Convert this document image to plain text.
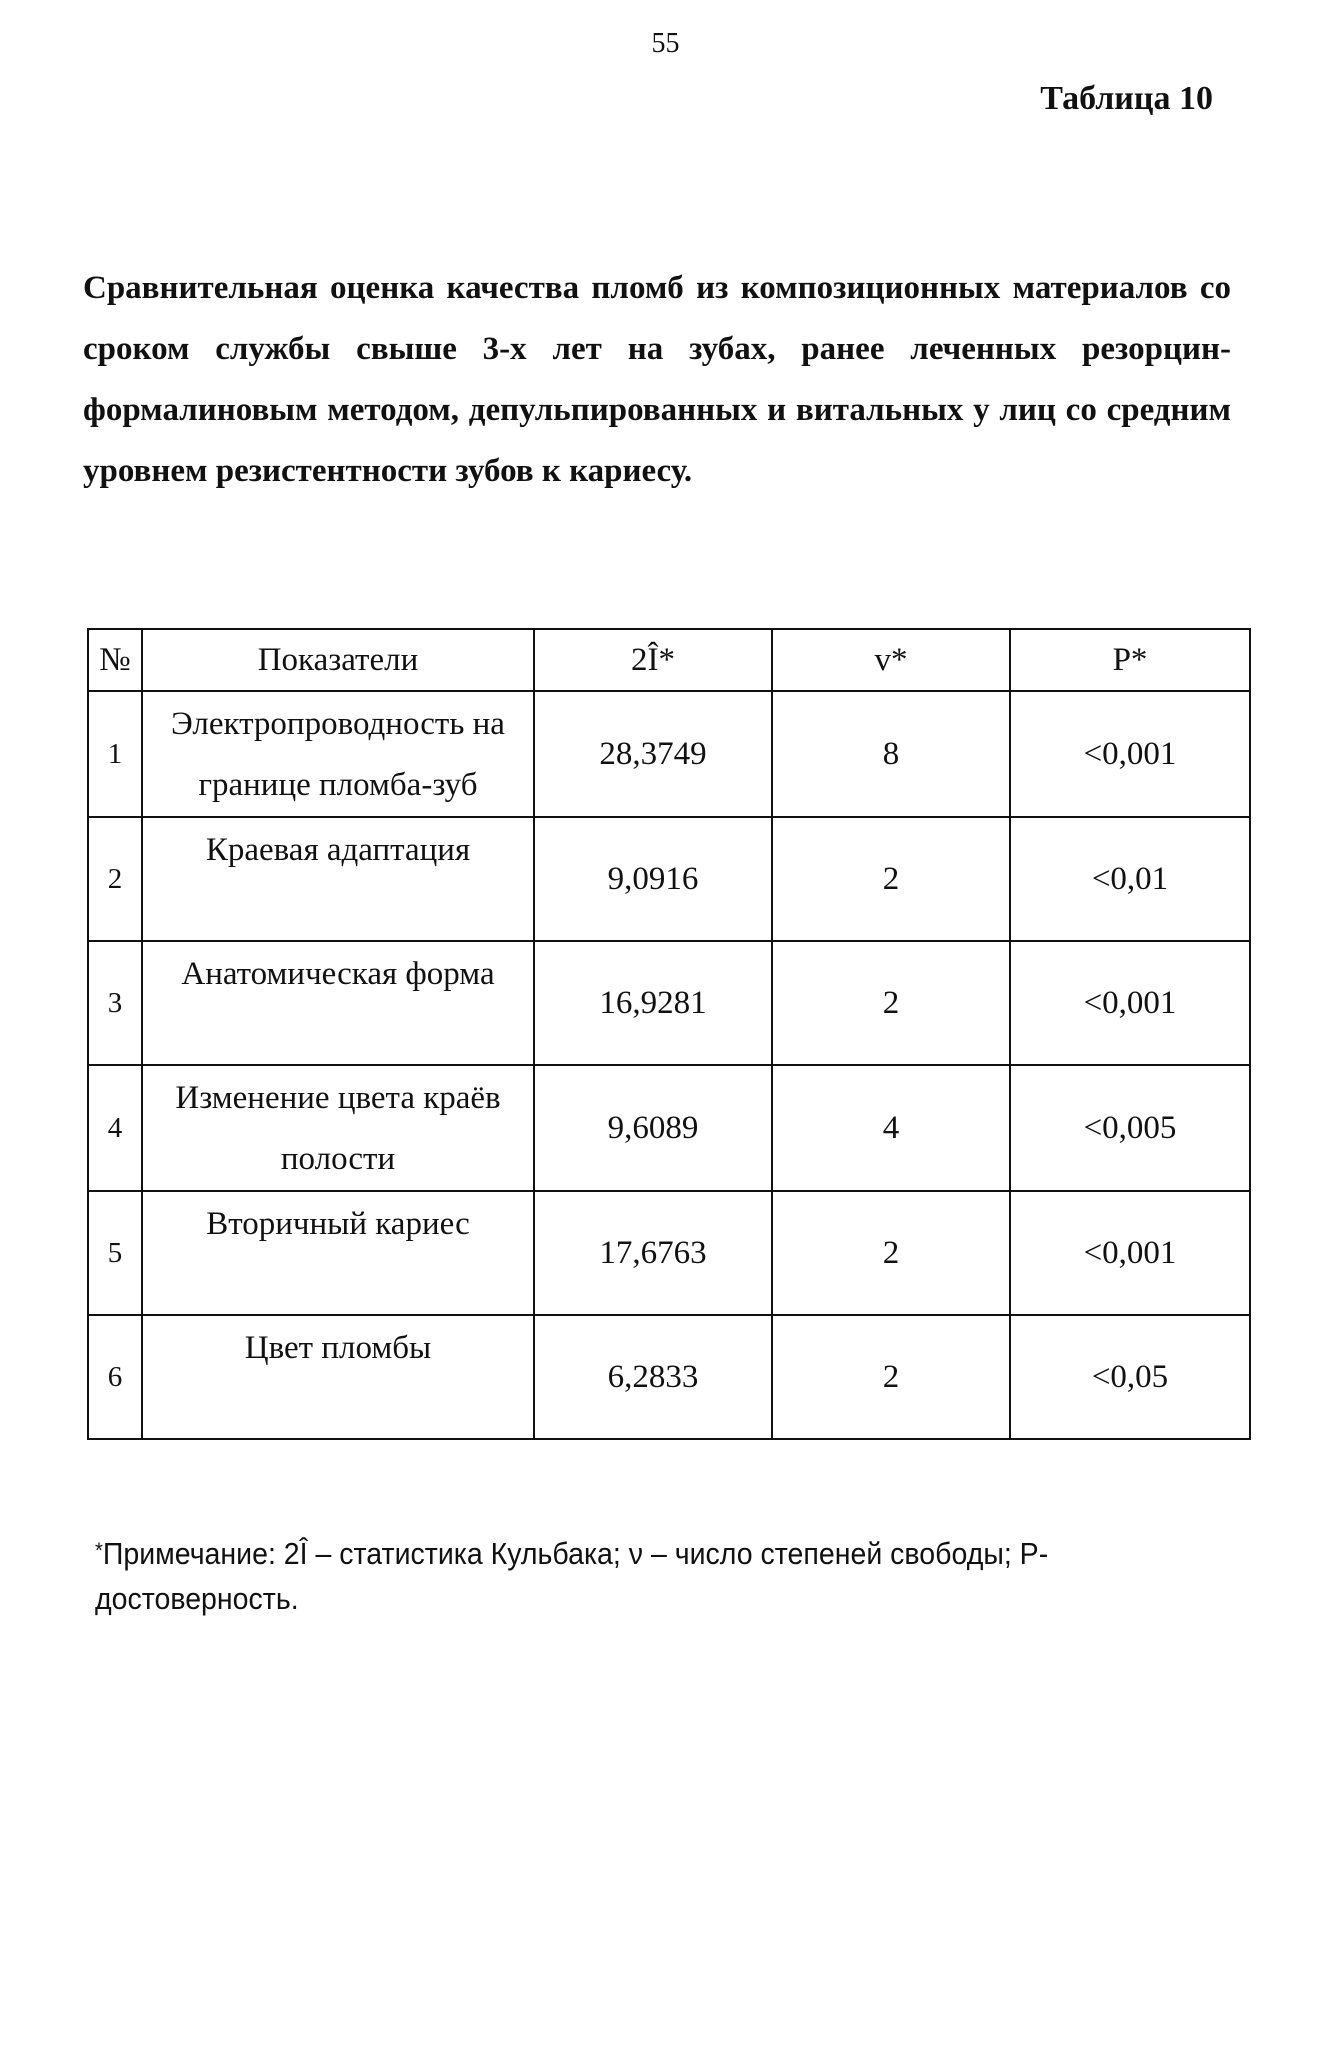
55
Таблица 10
Сравнительная оценка качества пломб из композиционных материалов со сроком службы свыше 3-х лет на зубах, ранее леченных резорцин-формалиновым методом, депульпированных и витальных у лиц со средним уровнем резистентности зубов к кариесу.
№	Показатели	2Î*	v*	P*
1	Электропроводность на границе пломба-зуб	28,3749	8	<0,001
2	Краевая адаптация	9,0916	2	<0,01
3	Анатомическая форма	16,9281	2	<0,001
4	Изменение цвета краёв полости	9,6089	4	<0,005
5	Вторичный кариес	17,6763	2	<0,001
6	Цвет пломбы	6,2833	2	<0,05
*Примечание: 2Î – статистика Кульбака; ν – число степеней свободы; Р- достоверность.
